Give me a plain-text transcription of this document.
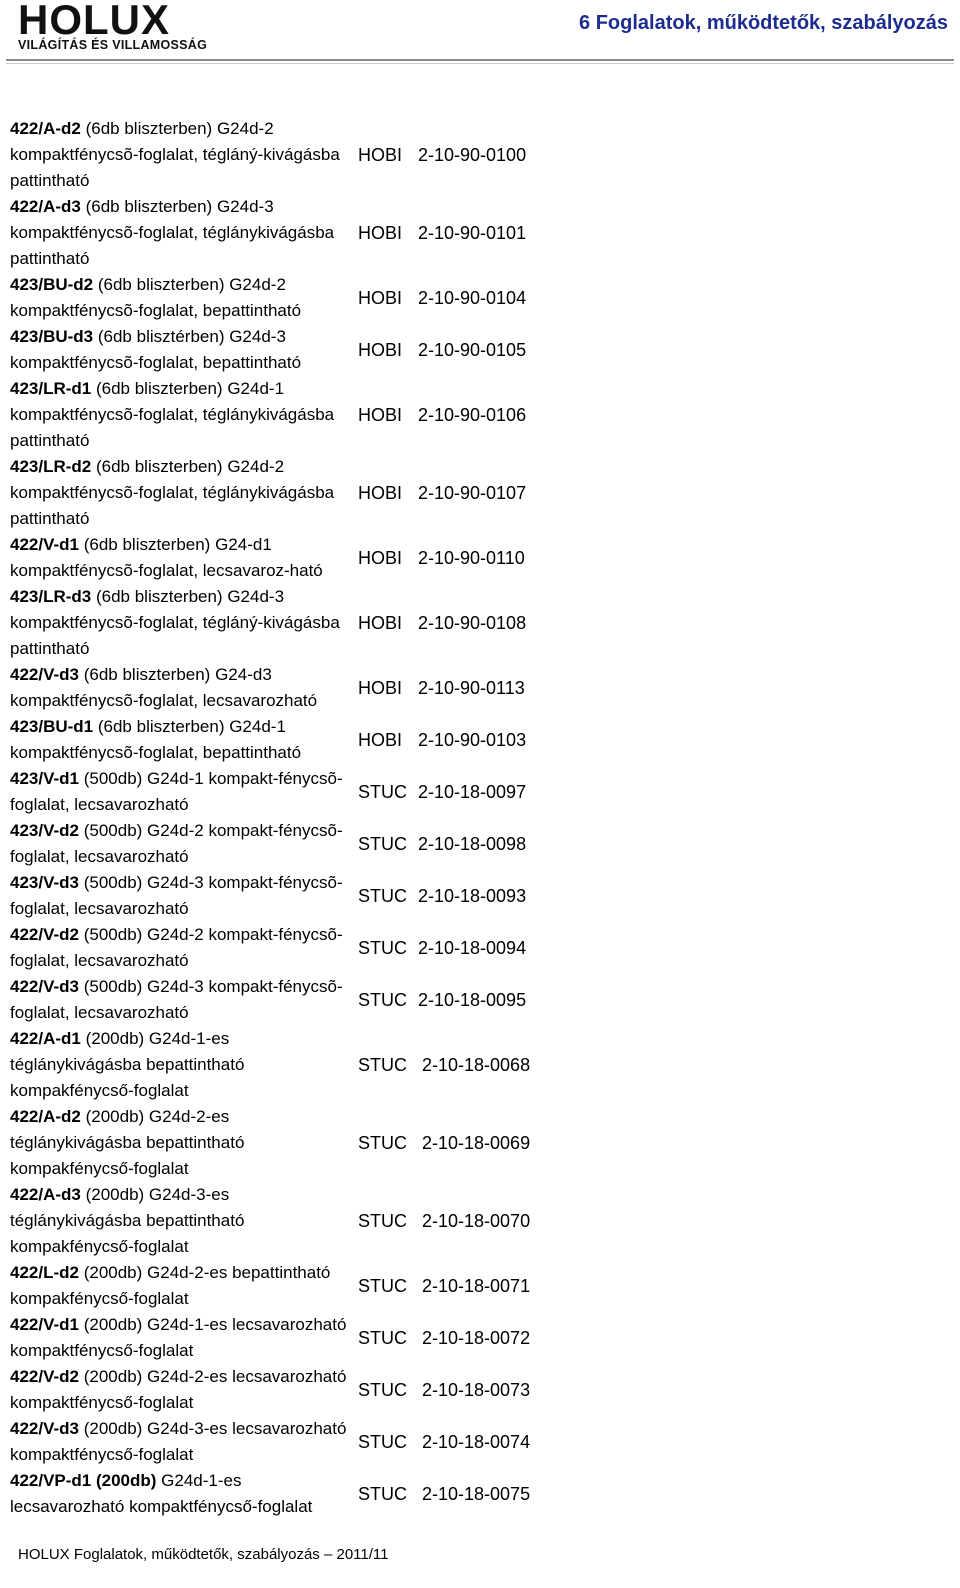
HOLUX
VILÁGÍTÁS ÉS VILLAMOSSÁG
6 Foglalatok, működtetők, szabályozás
422/A-d2 (6db bliszterben) G24d-2 kompaktfénycsõ-foglalat, tégláný-kivágásba pattintható
HOBI 2-10-90-0100
422/A-d3 (6db bliszterben) G24d-3 kompaktfénycsõ-foglalat, téglánykivágásba pattintható
HOBI 2-10-90-0101
423/BU-d2 (6db bliszterben) G24d-2 kompaktfénycsõ-foglalat, bepattintható
HOBI 2-10-90-0104
423/BU-d3 (6db blisztérben) G24d-3 kompaktfénycsõ-foglalat, bepattintható
HOBI 2-10-90-0105
423/LR-d1 (6db bliszterben) G24d-1 kompaktfénycsõ-foglalat, téglánykivágásba pattintható
HOBI 2-10-90-0106
423/LR-d2 (6db bliszterben) G24d-2 kompaktfénycsõ-foglalat, téglánykivágásba pattintható
HOBI 2-10-90-0107
422/V-d1 (6db bliszterben) G24-d1 kompaktfénycsõ-foglalat, lecsavaroz-ható
HOBI 2-10-90-0110
423/LR-d3 (6db bliszterben) G24d-3 kompaktfénycsõ-foglalat, tégláný-kivágásba pattintható
HOBI 2-10-90-0108
422/V-d3 (6db bliszterben) G24-d3 kompaktfénycsõ-foglalat, lecsavarozható
HOBI 2-10-90-0113
423/BU-d1 (6db bliszterben) G24d-1 kompaktfénycsõ-foglalat, bepattintható
HOBI 2-10-90-0103
423/V-d1 (500db) G24d-1 kompakt-fénycsõ-foglalat, lecsavarozható
STUC 2-10-18-0097
423/V-d2 (500db) G24d-2 kompakt-fénycsõ-foglalat, lecsavarozható
STUC 2-10-18-0098
423/V-d3 (500db) G24d-3 kompakt-fénycsõ-foglalat, lecsavarozható
STUC 2-10-18-0093
422/V-d2 (500db) G24d-2 kompakt-fénycsõ-foglalat, lecsavarozható
STUC 2-10-18-0094
422/V-d3 (500db) G24d-3 kompakt-fénycsõ-foglalat, lecsavarozható
STUC 2-10-18-0095
422/A-d1 (200db) G24d-1-es téglánykivágásba bepattintható kompakfénycső-foglalat
STUC 2-10-18-0068
422/A-d2 (200db) G24d-2-es téglánykivágásba bepattintható kompakfénycső-foglalat
STUC 2-10-18-0069
422/A-d3 (200db) G24d-3-es téglánykivágásba bepattintható kompakfénycső-foglalat
STUC 2-10-18-0070
422/L-d2 (200db) G24d-2-es bepattintható kompakfénycső-foglalat
STUC 2-10-18-0071
422/V-d1 (200db) G24d-1-es lecsavarozható kompaktfénycső-foglalat
STUC 2-10-18-0072
422/V-d2 (200db) G24d-2-es lecsavarozható kompaktfénycső-foglalat
STUC 2-10-18-0073
422/V-d3 (200db) G24d-3-es lecsavarozható kompaktfénycső-foglalat
STUC 2-10-18-0074
422/VP-d1 (200db) G24d-1-es lecsavarozható kompaktfénycső-foglalat
STUC 2-10-18-0075
HOLUX Foglalatok, működtetők, szabályozás – 2011/11
